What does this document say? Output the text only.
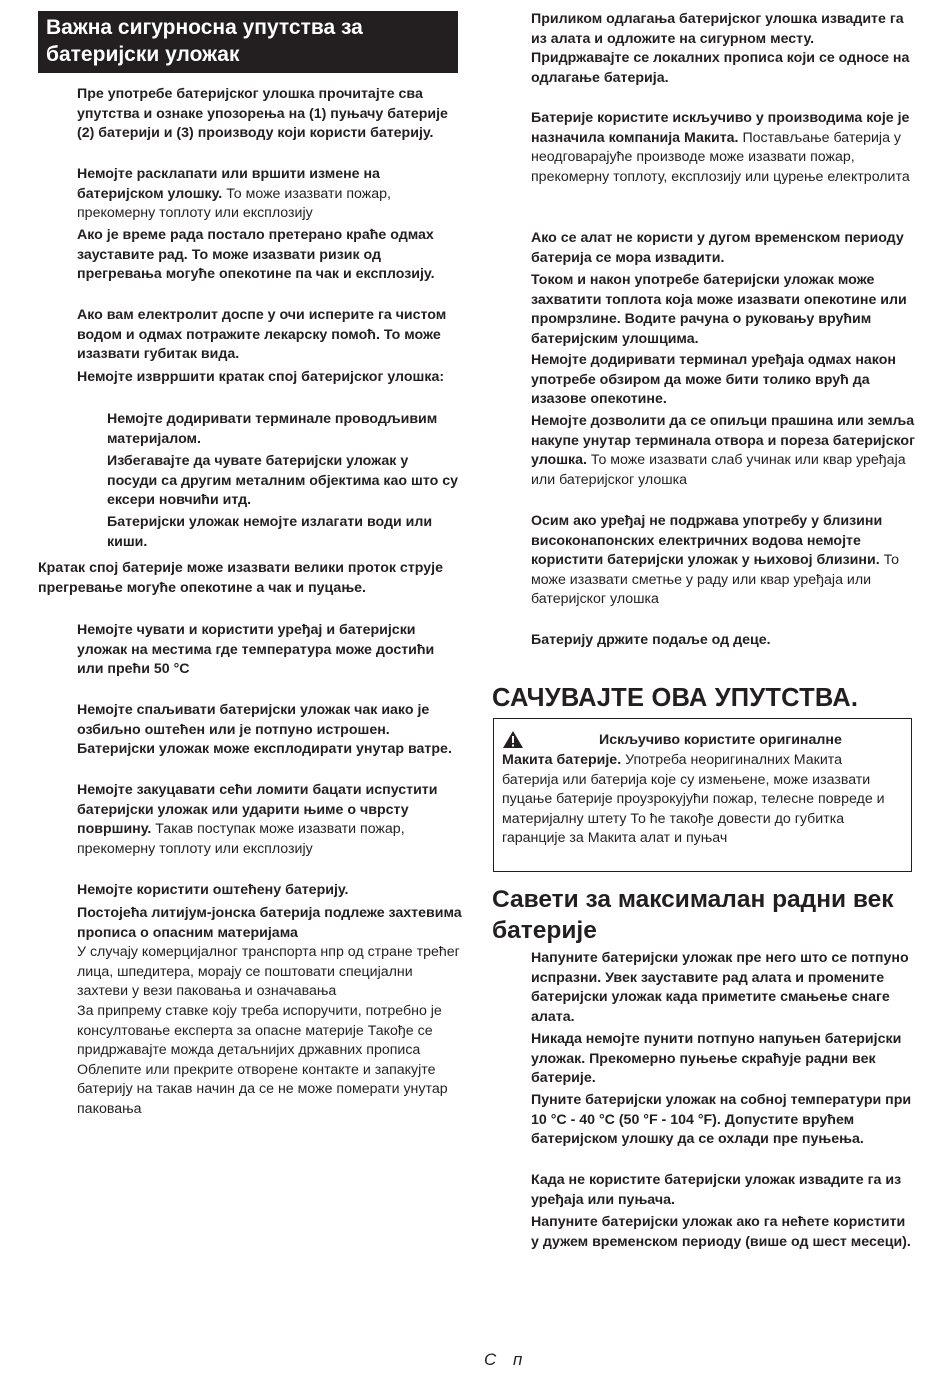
Важна сигурносна упутства за батеријски уложак

Пре употребе батеријског улошка прочитајте сва упутства и ознаке упозорења на (1) пуњачу батерије (2) батерији и (3) производу који користи батерију.

Немојте расклапати или вршити измене на батеријском улошку. То може изазвати пожар, прекомерну топлоту или експлозију

Ако је време рада постало претерано краће одмах зауставите рад. То може изазвати ризик од прегревања могуће опекотине па чак и експлозију.

Ако вам електролит доспе у очи исперите га чистом водом и одмах потражите лекарску помоћ. То може изазвати губитак вида.

Немојте изврршити кратак спој батеријског улошка:

Немојте додиривати терминале проводљивим материјалом.

Избегавајте да чувате батеријски уложак у посуди са другим металним објектима као што су ексери новчићи итд.

Батеријски уложак немојте излагати води или киши.

Кратак спој батерије може изазвати велики проток струје прегревање могуће опекотине а чак и пуцање.

Немојте чувати и користити уређај и батеријски уложак на местима где температура може достићи или прећи 50 °C

Немојте спаљивати батеријски уложак чак иако је озбиљно оштећен или је потпуно истрошен. Батеријски уложак може експлодирати унутар ватре.

Немојте закуцавати сећи ломити бацати испустити батеријски уложак или ударити њиме о чврсту површину. Такав поступак може изазвати пожар, прекомерну топлоту или експлозију

Немојте користити оштећену батерију.

Постојећа литијум-јонска батерија подлеже захтевима прописа о опасним материјама
У случају комерцијалног транспорта нпр од стране трећег лица, шпедитера, морају се поштовати специјални захтеви у вези паковања и означавања
За припрему ставке коју треба испоручити, потребно је консултовање експерта за опасне материје Такође се придржавајте можда детаљнијих државних прописа
Облепите или прекрите отворене контакте и запакујте батерију на такав начин да се не може померати унутар паковања

Приликом одлагања батеријског улошка извадите га из алата и одложите на сигурном месту. Придржавајте се локалних прописа који се односе на одлагање батерија.

Батерије користите искључиво у производима које је назначила компанија Макита. Постављање батерија у неодговарајуће производе може изазвати пожар, прекомерну топлоту, експлозију или цурење електролита

Ако се алат не користи у дугом временском периоду батерија се мора извадити.

Током и након употребе батеријски уложак може захватити топлота која може изазвати опекотине или промрзлине. Водите рачуна о руковању врућим батеријским улошцима.

Немојте додиривати терминал уређаја одмах након употребе обзиром да може бити толико врућ да изазове опекотине.

Немојте дозволити да се опиљци прашина или земља накупе унутар терминала отвора и пореза батеријског улошка. То може изазвати слаб учинак или квар уређаја или батеријског улошка

Осим ако уређај не подржава употребу у близини високонапонских електричних водова немојте користити батеријски уложак у њиховој близини. То може изазвати сметње у раду или квар уређаја или батеријског улошка

Батерију држите подаље од деце.

САЧУВАЈТЕ ОВА УПУТСТВА.
Искључиво користите оригиналне
Макита батерије. Употреба неоригиналних Макита батерија или батерија које су измењене, може изазвати пуцање батерије проузрокујући пожар, телесне повреде и материјалну штету То ће такође довести до губитка гаранције за Макита алат и пуњач
Савети за максималан радни век батерије

Напуните батеријски уложак пре него што се потпуно испразни. Увек зауставите рад алата и промените батеријски уложак када приметите смањење снаге алата.

Никада немојте пунити потпуно напуњен батеријски уложак. Прекомерно пуњење скраћује радни век батерије.

Пуните батеријски уложак на собној температури при 10 °C - 40 °C (50 °F - 104 °F). Допустите врућем батеријском улошку да се охлади пре пуњења.

Када не користите батеријски уложак извадите га из уређаја или пуњача.

Напуните батеријски уложак ако га нећете користити у дужем временском периоду (више од шест месеци).

С п
